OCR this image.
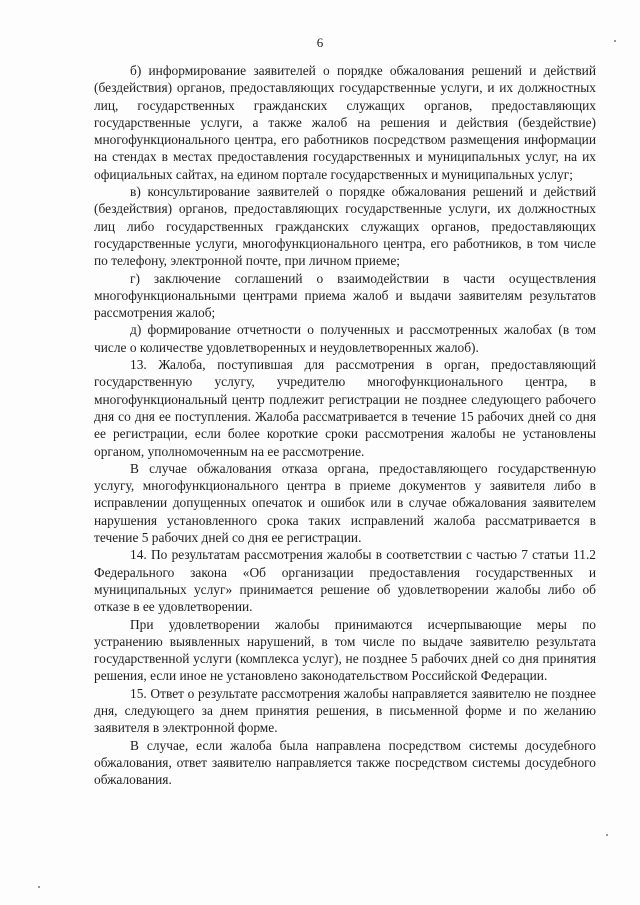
6

б) информирование заявителей о порядке обжалования решений и действий (бездействия) органов, предоставляющих государственные услуги, и их должностных лиц, государственных гражданских служащих органов, предоставляющих государственные услуги, а также жалоб на решения и действия (бездействие) многофункционального центра, его работников посредством размещения информации на стендах в местах предоставления государственных и муниципальных услуг, на их официальных сайтах, на едином портале государственных и муниципальных услуг;

в) консультирование заявителей о порядке обжалования решений и действий (бездействия) органов, предоставляющих государственные услуги, их должностных лиц либо государственных гражданских служащих органов, предоставляющих государственные услуги, многофункционального центра, его работников, в том числе по телефону, электронной почте, при личном приеме;

г) заключение соглашений о взаимодействии в части осуществления многофункциональными центрами приема жалоб и выдачи заявителям результатов рассмотрения жалоб;

д) формирование отчетности о полученных и рассмотренных жалобах (в том числе о количестве удовлетворенных и неудовлетворенных жалоб).

13. Жалоба, поступившая для рассмотрения в орган, предоставляющий государственную услугу, учредителю многофункционального центра, в многофункциональный центр подлежит регистрации не позднее следующего рабочего дня со дня ее поступления. Жалоба рассматривается в течение 15 рабочих дней со дня ее регистрации, если более короткие сроки рассмотрения жалобы не установлены органом, уполномоченным на ее рассмотрение.

В случае обжалования отказа органа, предоставляющего государственную услугу, многофункционального центра в приеме документов у заявителя либо в исправлении допущенных опечаток и ошибок или в случае обжалования заявителем нарушения установленного срока таких исправлений жалоба рассматривается в течение 5 рабочих дней со дня ее регистрации.

14. По результатам рассмотрения жалобы в соответствии с частью 7 статьи 11.2 Федерального закона «Об организации предоставления государственных и муниципальных услуг» принимается решение об удовлетворении жалобы либо об отказе в ее удовлетворении.

При удовлетворении жалобы принимаются исчерпывающие меры по устранению выявленных нарушений, в том числе по выдаче заявителю результата государственной услуги (комплекса услуг), не позднее 5 рабочих дней со дня принятия решения, если иное не установлено законодательством Российской Федерации.

15. Ответ о результате рассмотрения жалобы направляется заявителю не позднее дня, следующего за днем принятия решения, в письменной форме и по желанию заявителя в электронной форме.

В случае, если жалоба была направлена посредством системы досудебного обжалования, ответ заявителю направляется также посредством системы досудебного обжалования.
